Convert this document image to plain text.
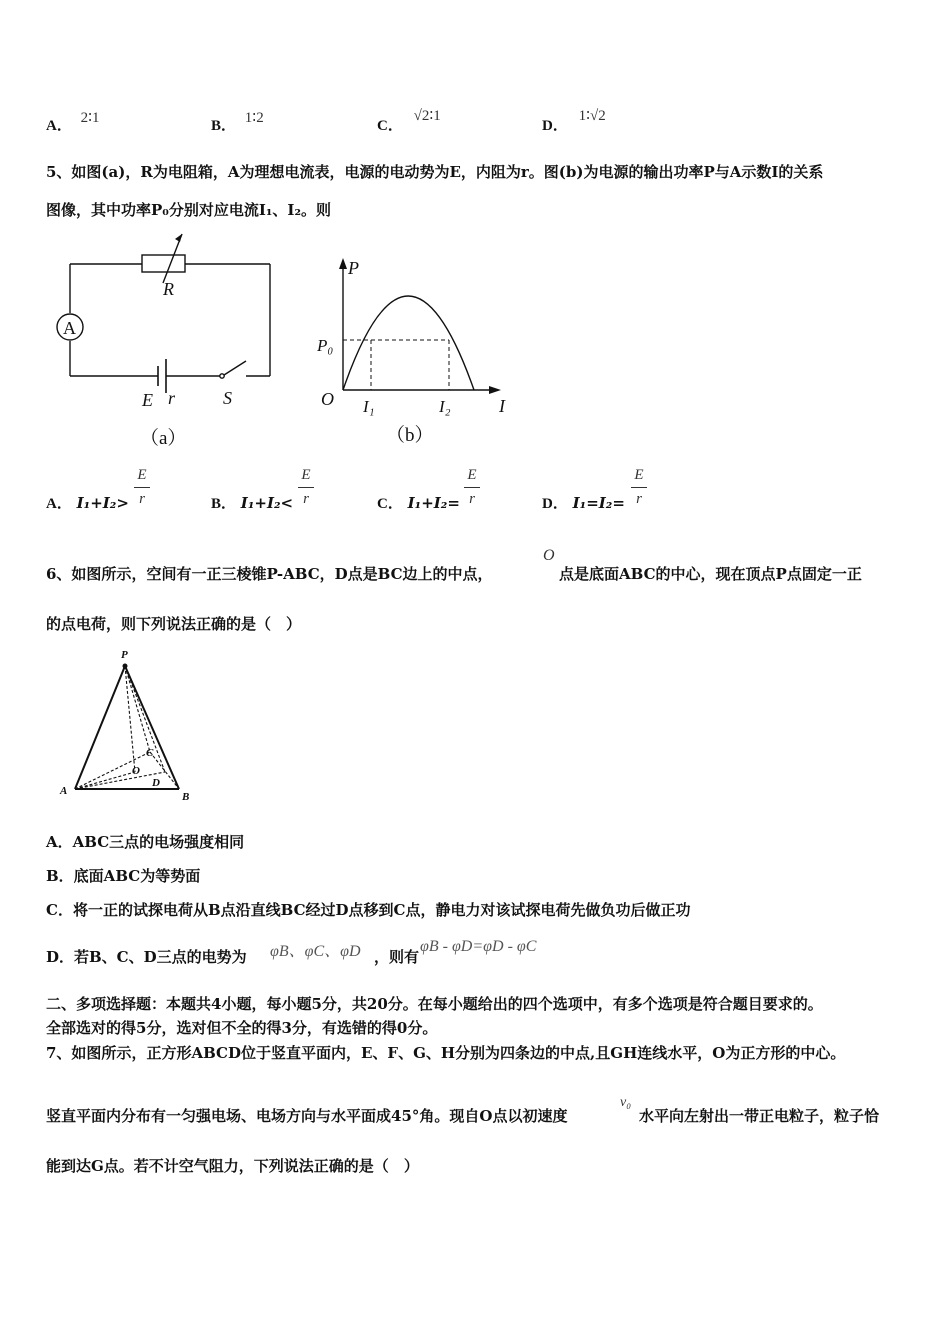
A． 2∶1	B． 1∶2	C． √2∶1
D． 1∶√2
5、如图(a)，R为电阻箱，A为理想电流表，电源的电动势为E，内阻为r。图(b)为电源的输出功率P与A示数I的关系
图像，其中功率P₀分别对应电流I₁、I₂。则
R
A
E r	S
（a）
P
P₀
O I₁	I₂	I
（b）
A． I₁+I₂>
E
r	B． I₁+I₂<
E
r	C． I₁+I₂=
E
r	D． I₁=I₂=
E
r
6、如图所示，空间有一正三棱锥P-ABC，D点是BC边上的中点，
O
点是底面ABC的中心，现在顶点P点固定一正
的点电荷，则下列说法正确的是（　）
P
A	B
C
D
O
A．ABC三点的电场强度相同
B．底面ABC为等势面
C．将一正的试探电荷从B点沿直线BC经过D点移到C点，静电力对该试探电荷先做负功后做正功
D．若B、C、D三点的电势为 φB、φC、φD ，则有
φB - φD=φD - φC
二、多项选择题：本题共4小题，每小题5分，共20分。在每小题给出的四个选项中，有多个选项是符合题目要求的。
全部选对的得5分，选对但不全的得3分，有选错的得0分。
7、如图所示，正方形ABCD位于竖直平面内，E、F、G、H分别为四条边的中点,且GH连线水平，O为正方形的中心。
竖直平面内分布有一匀强电场、电场方向与水平面成45°角。现自O点以初速度
v₀
水平向左射出一带正电粒子，粒子恰
能到达G点。若不计空气阻力，下列说法正确的是（　）
